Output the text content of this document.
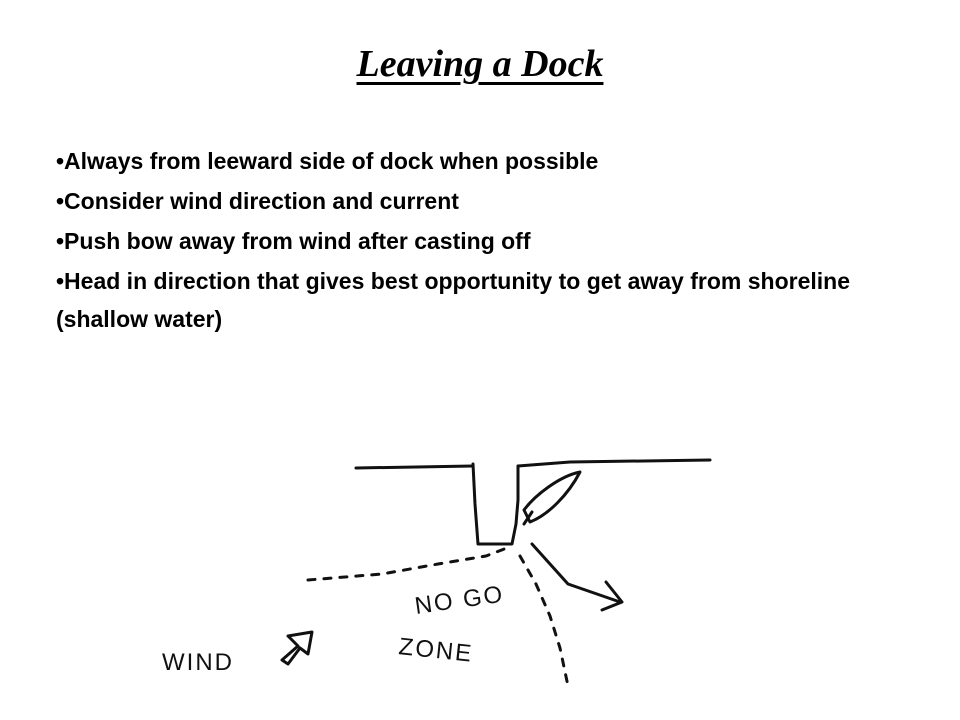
Leaving a Dock
•Always from leeward side of dock when possible
•Consider wind direction and current
•Push bow away from wind after casting off
•Head in direction that gives best opportunity to get away from shoreline (shallow water)
NO GO
ZONE
WIND
